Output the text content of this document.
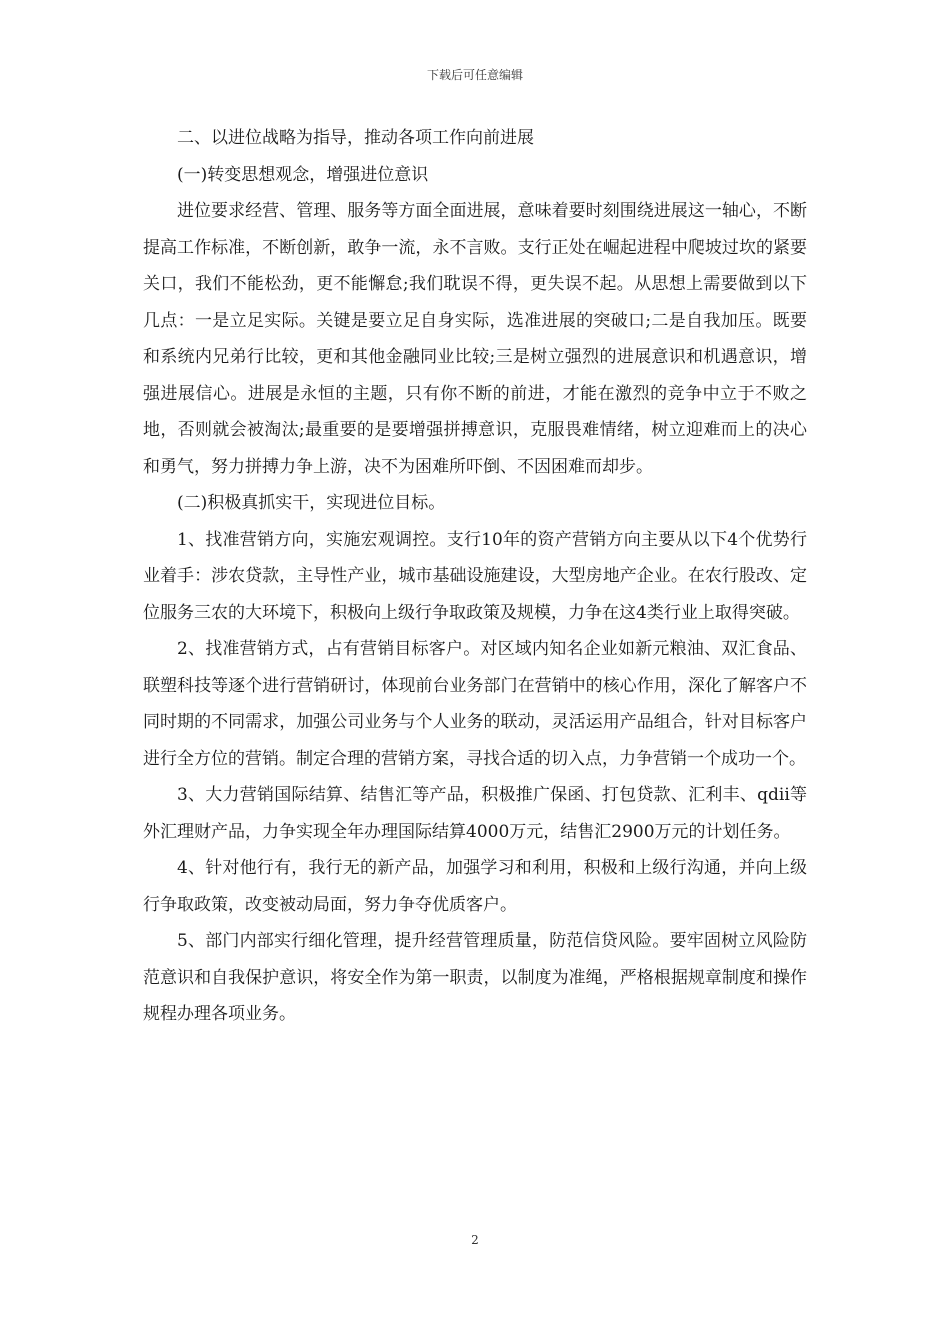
下载后可任意编辑

二、以进位战略为指导，推动各项工作向前进展

(一)转变思想观念，增强进位意识

进位要求经营、管理、服务等方面全面进展，意味着要时刻围绕进展这一轴心，不断提高工作标准，不断创新，敢争一流，永不言败。支行正处在崛起进程中爬坡过坎的紧要关口，我们不能松劲，更不能懈怠;我们耽误不得，更失误不起。从思想上需要做到以下几点：一是立足实际。关键是要立足自身实际，选准进展的突破口;二是自我加压。既要和系统内兄弟行比较，更和其他金融同业比较;三是树立强烈的进展意识和机遇意识，增强进展信心。进展是永恒的主题，只有你不断的前进，才能在激烈的竞争中立于不败之地，否则就会被淘汰;最重要的是要增强拼搏意识，克服畏难情绪，树立迎难而上的决心和勇气，努力拼搏力争上游，决不为困难所吓倒、不因困难而却步。

(二)积极真抓实干，实现进位目标。

1、找准营销方向，实施宏观调控。支行10年的资产营销方向主要从以下4个优势行业着手：涉农贷款，主导性产业，城市基础设施建设，大型房地产企业。在农行股改、定位服务三农的大环境下，积极向上级行争取政策及规模，力争在这4类行业上取得突破。

2、找准营销方式，占有营销目标客户。对区域内知名企业如新元粮油、双汇食品、联塑科技等逐个进行营销研讨，体现前台业务部门在营销中的核心作用，深化了解客户不同时期的不同需求，加强公司业务与个人业务的联动，灵活运用产品组合，针对目标客户进行全方位的营销。制定合理的营销方案，寻找合适的切入点，力争营销一个成功一个。

3、大力营销国际结算、结售汇等产品，积极推广保函、打包贷款、汇利丰、qdii等外汇理财产品，力争实现全年办理国际结算4000万元，结售汇2900万元的计划任务。

4、针对他行有，我行无的新产品，加强学习和利用，积极和上级行沟通，并向上级行争取政策，改变被动局面，努力争夺优质客户。

5、部门内部实行细化管理，提升经营管理质量，防范信贷风险。要牢固树立风险防范意识和自我保护意识，将安全作为第一职责，以制度为准绳，严格根据规章制度和操作规程办理各项业务。

2
